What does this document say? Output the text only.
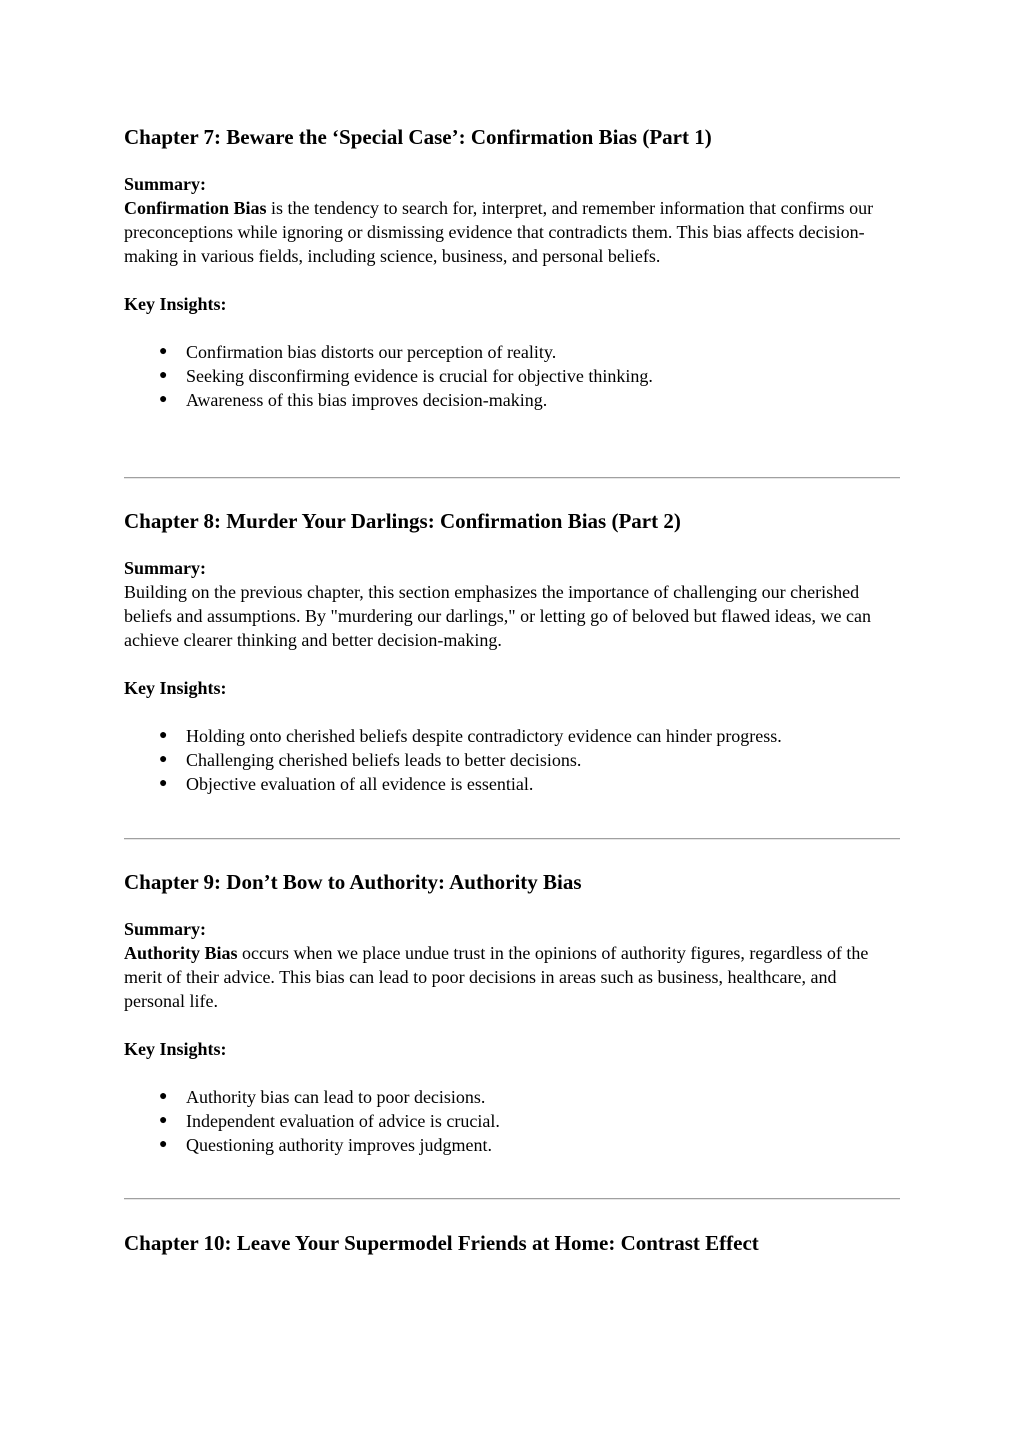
Chapter 7: Beware the ‘Special Case’: Confirmation Bias (Part 1)
Summary:

Confirmation Bias is the tendency to search for, interpret, and remember information that confirms our preconceptions while ignoring or dismissing evidence that contradicts them. This bias affects decision-making in various fields, including science, business, and personal beliefs.

Key Insights:
● Confirmation bias distorts our perception of reality.
● Seeking disconfirming evidence is crucial for objective thinking.
● Awareness of this bias improves decision-making.
Chapter 8: Murder Your Darlings: Confirmation Bias (Part 2)
Summary:

Building on the previous chapter, this section emphasizes the importance of challenging our cherished beliefs and assumptions. By "murdering our darlings," or letting go of beloved but flawed ideas, we can achieve clearer thinking and better decision-making.

Key Insights:
● Holding onto cherished beliefs despite contradictory evidence can hinder progress.
● Challenging cherished beliefs leads to better decisions.
● Objective evaluation of all evidence is essential.
Chapter 9: Don’t Bow to Authority: Authority Bias
Summary:

Authority Bias occurs when we place undue trust in the opinions of authority figures, regardless of the merit of their advice. This bias can lead to poor decisions in areas such as business, healthcare, and personal life.

Key Insights:
● Authority bias can lead to poor decisions.
● Independent evaluation of advice is crucial.
● Questioning authority improves judgment.
Chapter 10: Leave Your Supermodel Friends at Home: Contrast Effect
